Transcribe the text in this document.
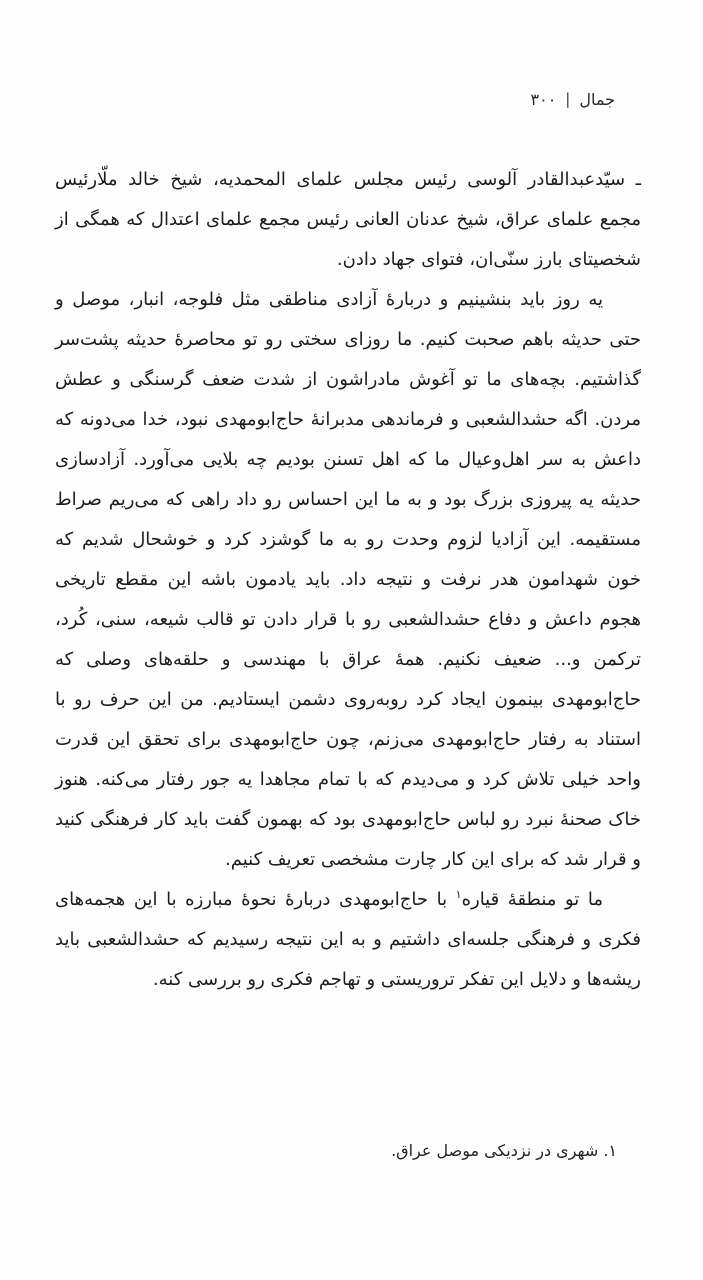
جمال
|
۳۰۰

ـ سیّدعبدالقادر آلوسی رئیس مجلس علمای المحمدیه، شیخ خالد ملّارئیس مجمع علمای عراق، شیخ عدنان العانی رئیس مجمع علمای اعتدال که همگی از شخصیتای بارز سنّی‌ان، فتوای جهاد دادن.

یه روز باید بنشینیم و دربارهٔ آزادی مناطقی مثل فلوجه، انبار، موصل و حتی حدیثه باهم صحبت کنیم. ما روزای سختی رو تو محاصرهٔ حدیثه پشت‌سر گذاشتیم. بچه‌های ما تو آغوش مادراشون از شدت ضعف گرسنگی و عطش مردن. اگه حشدالشعبی و فرماندهی مدبرانهٔ حاج‌ابومهدی نبود، خدا می‌دونه که داعش به سر اهل‌وعیال ما که اهل تسنن بودیم چه بلایی می‌آورد. آزادسازی حدیثه یه پیروزی بزرگ بود و به ما این احساس رو داد راهی که می‌ریم صراط مستقیمه. این آزادیا لزوم وحدت رو به ما گوشزد کرد و خوشحال شدیم که خون شهدامون هدر نرفت و نتیجه داد. باید یادمون باشه این مقطع تاریخی هجوم داعش و دفاع حشدالشعبی رو با قرار دادن تو قالب شیعه، سنی، کُرد، ترکمن و... ضعیف نکنیم. همهٔ عراق با مهندسی و حلقه‌های وصلی که حاج‌ابومهدی بینمون ایجاد کرد روبه‌روی دشمن ایستادیم. من این حرف رو با استناد به رفتار حاج‌ابومهدی می‌زنم، چون حاج‌ابومهدی برای تحقق این قدرت واحد خیلی تلاش کرد و می‌دیدم که با تمام مجاهدا یه جور رفتار می‌کنه. هنوز خاک صحنهٔ نبرد رو لباس حاج‌ابومهدی بود که بهمون گفت باید کار فرهنگی کنید و قرار شد که برای این کار چارت مشخصی تعریف کنیم.

ما تو منطقهٔ قیاره$^۱$ با حاج‌ابومهدی دربارهٔ نحوهٔ مبارزه با این هجمه‌های فکری و فرهنگی جلسه‌ای داشتیم و به این نتیجه رسیدیم که حشدالشعبی باید ریشه‌ها و دلایل این تفکر تروریستی و تهاجم فکری رو بررسی کنه.

۱.شهری در نزدیکی موصل عراق.
